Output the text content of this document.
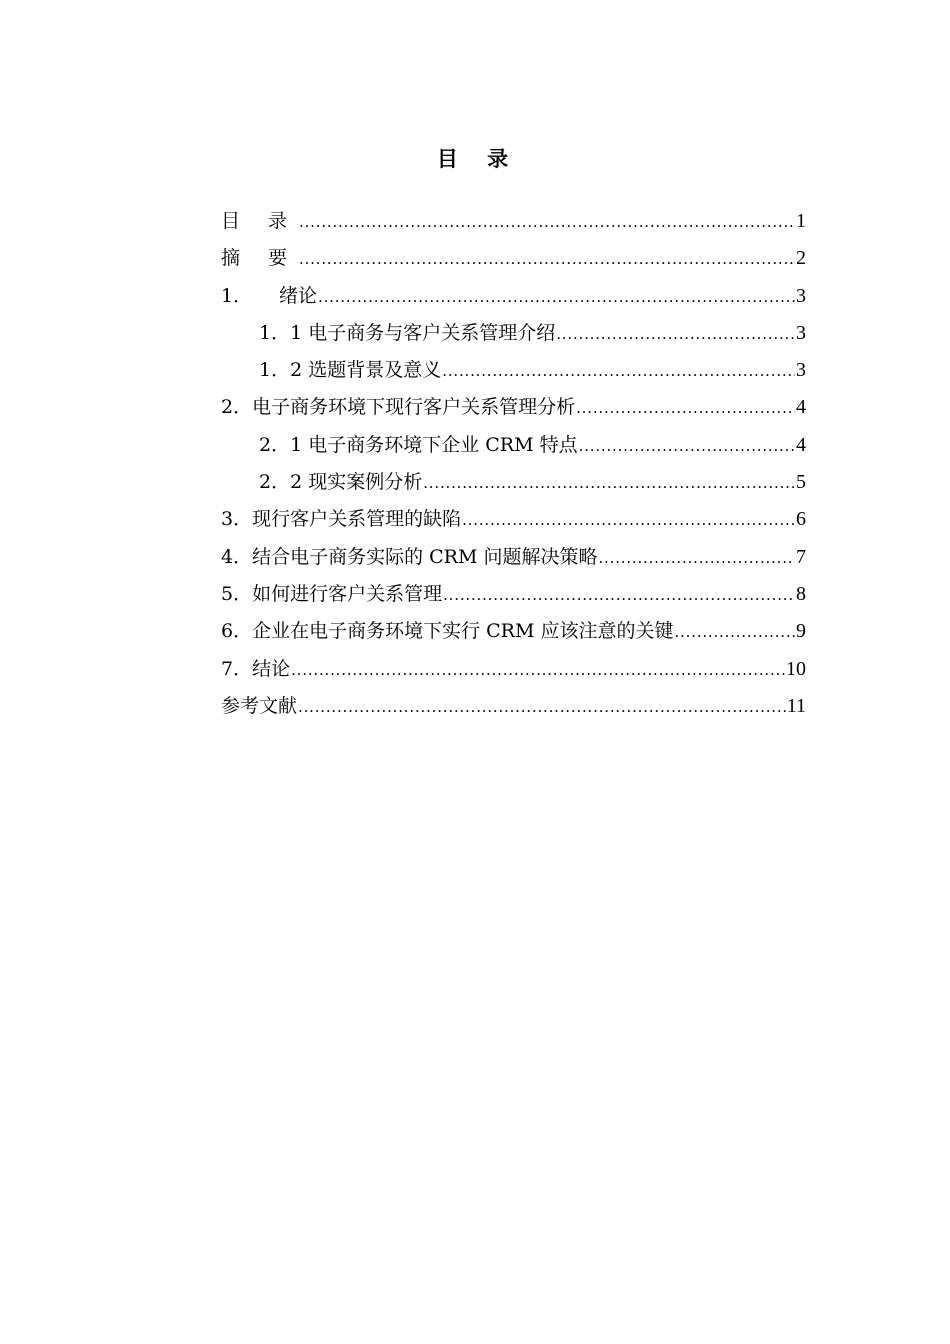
目 录
目 录 .....	1
摘 要 .....	2
1．	绪论 .....	3
1． 1 电子商务与客户关系管理介绍 .....	3
1． 2 选题背景及意义 .....	3
2． 电子商务环境下现行客户关系管理分析 .....	4
2． 1 电子商务环境下企业 CRM 特点 .....	4
2． 2 现实案例分析 .....	5
3． 现行客户关系管理的缺陷 .....	6
4． 结合电子商务实际的 CRM 问题解决策略 .....	7
5． 如何进行客户关系管理 .....	8
6． 企业在电子商务环境下实行 CRM 应该注意的关键 .....	9
7． 结论 .....	10
参考文献 .....	11
